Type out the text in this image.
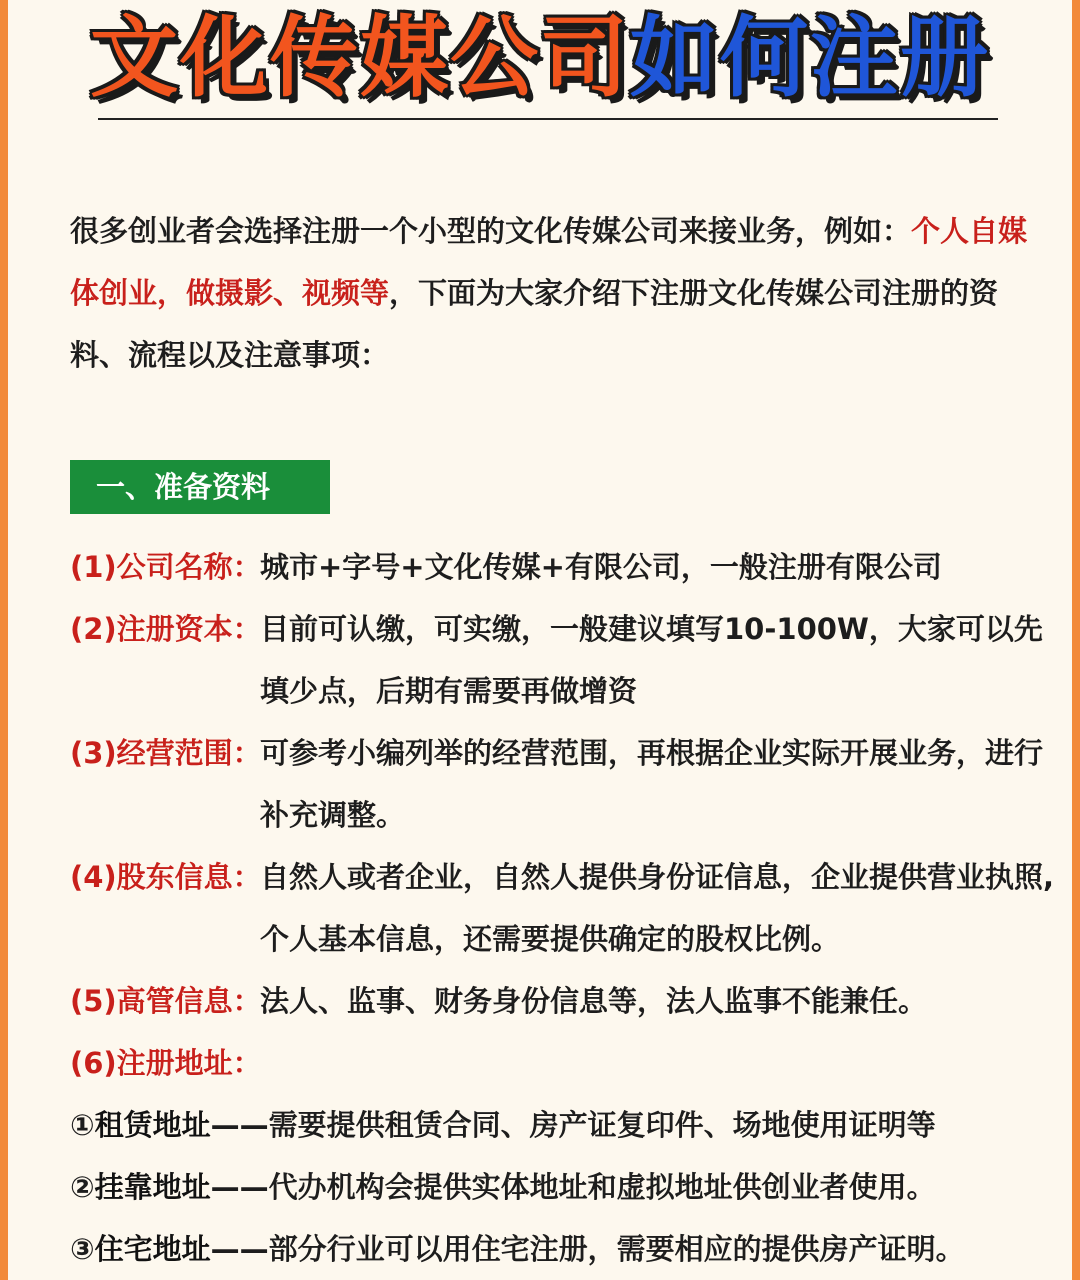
文化传媒公司如何注册
很多创业者会选择注册一个小型的文化传媒公司来接业务，例如：个人自媒体创业，做摄影、视频等，下面为大家介绍下注册文化传媒公司注册的资料、流程以及注意事项：
一、准备资料
(1)公司名称：
城市+字号+文化传媒+有限公司，一般注册有限公司
(2)注册资本：
目前可认缴，可实缴，一般建议填写10-100W，大家可以先填少点，后期有需要再做增资
(3)经营范围：
可参考小编列举的经营范围，再根据企业实际开展业务，进行补充调整。
(4)股东信息：
自然人或者企业，自然人提供身份证信息，企业提供营业执照,个人基本信息，还需要提供确定的股权比例。
(5)高管信息：
法人、监事、财务身份信息等，法人监事不能兼任。
(6)注册地址：
①租赁地址——需要提供租赁合同、房产证复印件、场地使用证明等
②挂靠地址——代办机构会提供实体地址和虚拟地址供创业者使用。
③住宅地址——部分行业可以用住宅注册，需要相应的提供房产证明。
